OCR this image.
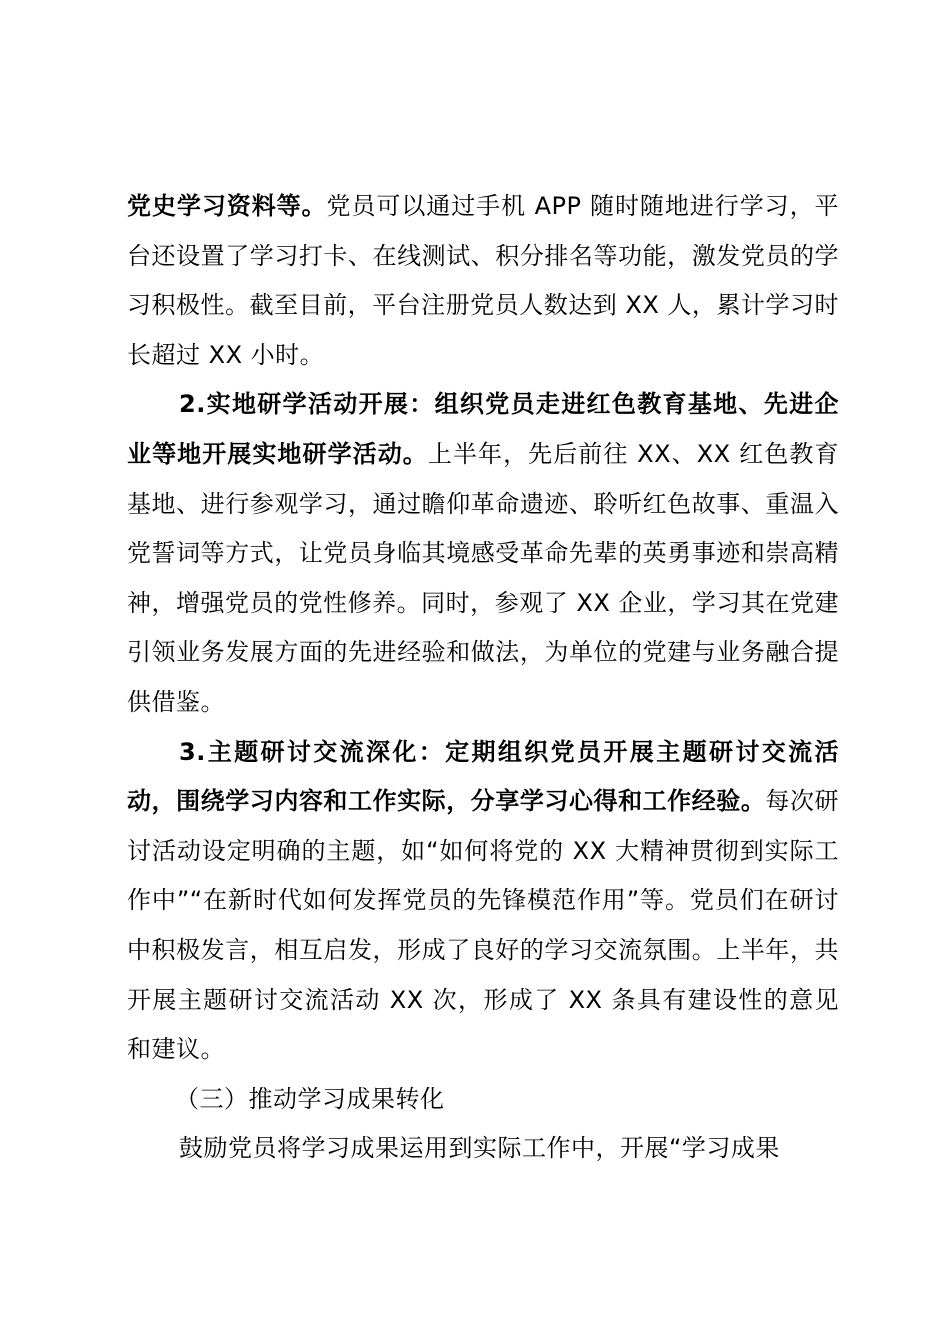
党史学习资料等。党员可以通过手机 APP 随时随地进行学习，平台还设置了学习打卡、在线测试、积分排名等功能，激发党员的学习积极性。截至目前，平台注册党员人数达到 XX 人，累计学习时长超过 XX 小时。

2.实地研学活动开展：组织党员走进红色教育基地、先进企业等地开展实地研学活动。上半年，先后前往 XX、XX 红色教育基地、进行参观学习，通过瞻仰革命遗迹、聆听红色故事、重温入党誓词等方式，让党员身临其境感受革命先辈的英勇事迹和崇高精神，增强党员的党性修养。同时，参观了 XX 企业，学习其在党建引领业务发展方面的先进经验和做法，为单位的党建与业务融合提供借鉴。

3.主题研讨交流深化：定期组织党员开展主题研讨交流活动，围绕学习内容和工作实际，分享学习心得和工作经验。每次研讨活动设定明确的主题，如“如何将党的 XX 大精神贯彻到实际工作中”“在新时代如何发挥党员的先锋模范作用”等。党员们在研讨中积极发言，相互启发，形成了良好的学习交流氛围。上半年，共开展主题研讨交流活动 XX 次，形成了 XX 条具有建设性的意见和建议。

（三）推动学习成果转化

鼓励党员将学习成果运用到实际工作中，开展“学习成果
